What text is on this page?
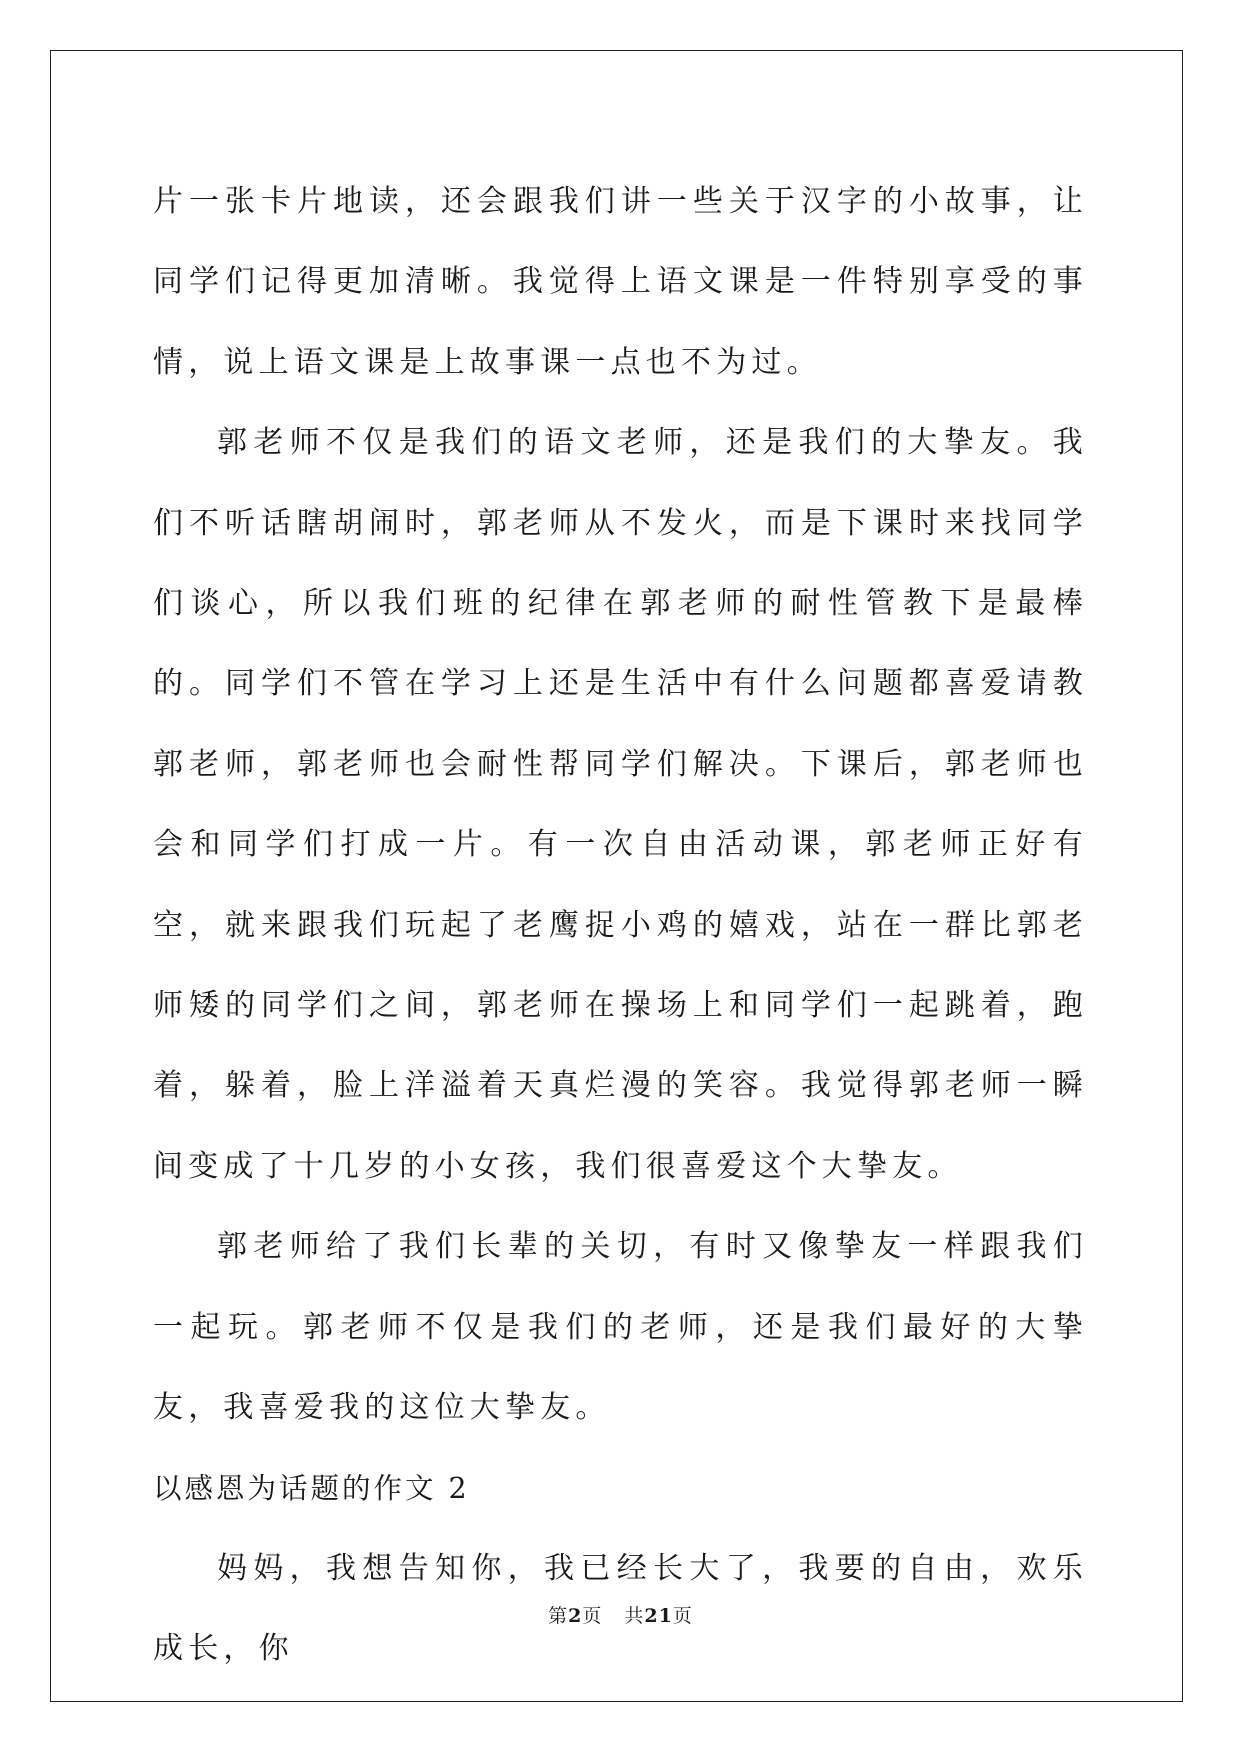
片一张卡片地读，还会跟我们讲一些关于汉字的小故事，让同学们记得更加清晰。我觉得上语文课是一件特别享受的事情，说上语文课是上故事课一点也不为过。

郭老师不仅是我们的语文老师，还是我们的大挚友。我们不听话瞎胡闹时，郭老师从不发火，而是下课时来找同学们谈心，所以我们班的纪律在郭老师的耐性管教下是最棒的。同学们不管在学习上还是生活中有什么问题都喜爱请教郭老师，郭老师也会耐性帮同学们解决。下课后，郭老师也会和同学们打成一片。有一次自由活动课，郭老师正好有空，就来跟我们玩起了老鹰捉小鸡的嬉戏，站在一群比郭老师矮的同学们之间，郭老师在操场上和同学们一起跳着，跑着，躲着，脸上洋溢着天真烂漫的笑容。我觉得郭老师一瞬间变成了十几岁的小女孩，我们很喜爱这个大挚友。

郭老师给了我们长辈的关切，有时又像挚友一样跟我们一起玩。郭老师不仅是我们的老师，还是我们最好的大挚友，我喜爱我的这位大挚友。

以感恩为话题的作文 2

妈妈，我想告知你，我已经长大了，我要的自由，欢乐成长，你

第2页 共21页
